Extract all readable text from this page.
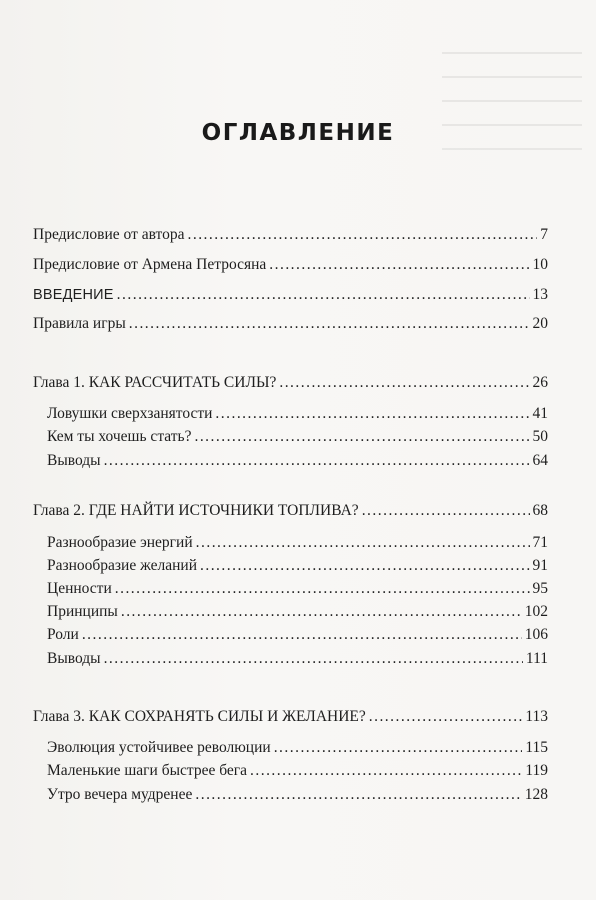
ОГЛАВЛЕНИЕ
Предисловие от автора . . .	7
Предисловие от Армена Петросяна . . .	10
ВВЕДЕНИЕ . . .	13
Правила игры . . .	20
Глава 1. КАК РАССЧИТАТЬ СИЛЫ? . . .	26
Ловушки сверхзанятости . . .	41
Кем ты хочешь стать? . . .	50
Выводы . . .	64
Глава 2. ГДЕ НАЙТИ ИСТОЧНИКИ ТОПЛИВА? . . .	68
Разнообразие энергий . . .	71
Разнообразие желаний . . .	91
Ценности . . .	95
Принципы . . .	102
Роли . . .	106
Выводы . . .	111
Глава 3. КАК СОХРАНЯТЬ СИЛЫ И ЖЕЛАНИЕ? . . .	113
Эволюция устойчивее революции . . .	115
Маленькие шаги быстрее бега . . .	119
Утро вечера мудренее . . .	128
